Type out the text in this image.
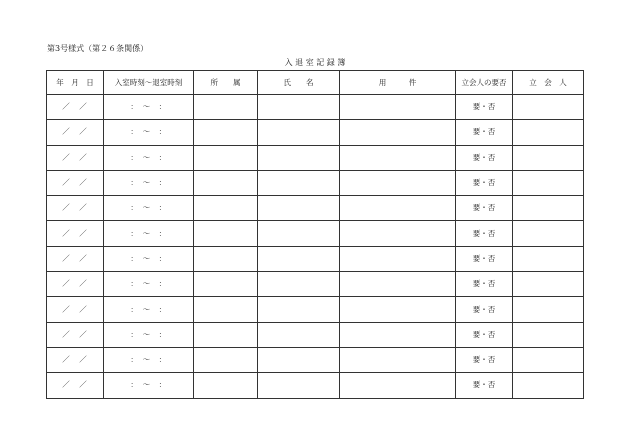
第3号様式（第２６条関係）
入 退 室 記 録 簿
年　月　日	入室時刻～退室時刻	所　　属	氏　　名	用　　　件	立会人の要否	立　会　人
／　／	：　～　：				要・否	
／　／	：　～　：				要・否	
／　／	：　～　：				要・否	
／　／	：　～　：				要・否	
／　／	：　～　：				要・否	
／　／	：　～　：				要・否	
／　／	：　～　：				要・否	
／　／	：　～　：				要・否	
／　／	：　～　：				要・否	
／　／	：　～　：				要・否	
／　／	：　～　：				要・否	
／　／	：　～　：				要・否	
